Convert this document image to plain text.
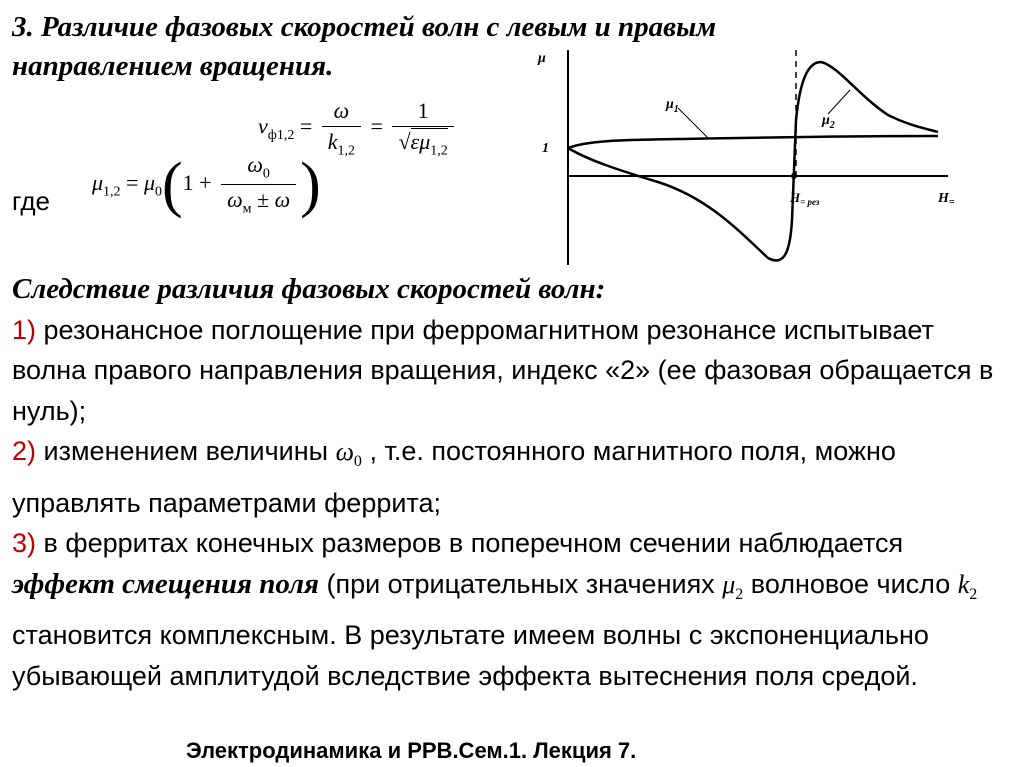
3. Различие фазовых скоростей волн с левым и правым направлением вращения.
$v_{ф1,2} = \frac{\omega}{k_{1,2}} = \frac{1}{√\varepsilon\mu_{1,2}}$
где
$\mu_{1,2} = \mu_0(1 + \frac{\omega_0}{\omega_м \pm \omega}$ )
μ
1
$\mu_1$
$\mu_2$
$H_{= рез}$	$H_=$
Следствие различия фазовых скоростей волн:
1) резонансное поглощение при ферромагнитном резонансе испытывает волна правого направления вращения, индекс «2» (ее фазовая обращается в нуль);
2) изменением величины $\omega_0$ , т.е. постоянного магнитного поля, можно управлять параметрами феррита;
3) в ферритах конечных размеров в поперечном сечении наблюдается эффект смещения поля (при отрицательных значениях $\mu_2$ волновое число $k_2$ становится комплексным. В результате имеем волны с экспоненциально убывающей амплитудой вследствие эффекта вытеснения поля средой.
Электродинамика и РРВ.Сем.1. Лекция 7.
